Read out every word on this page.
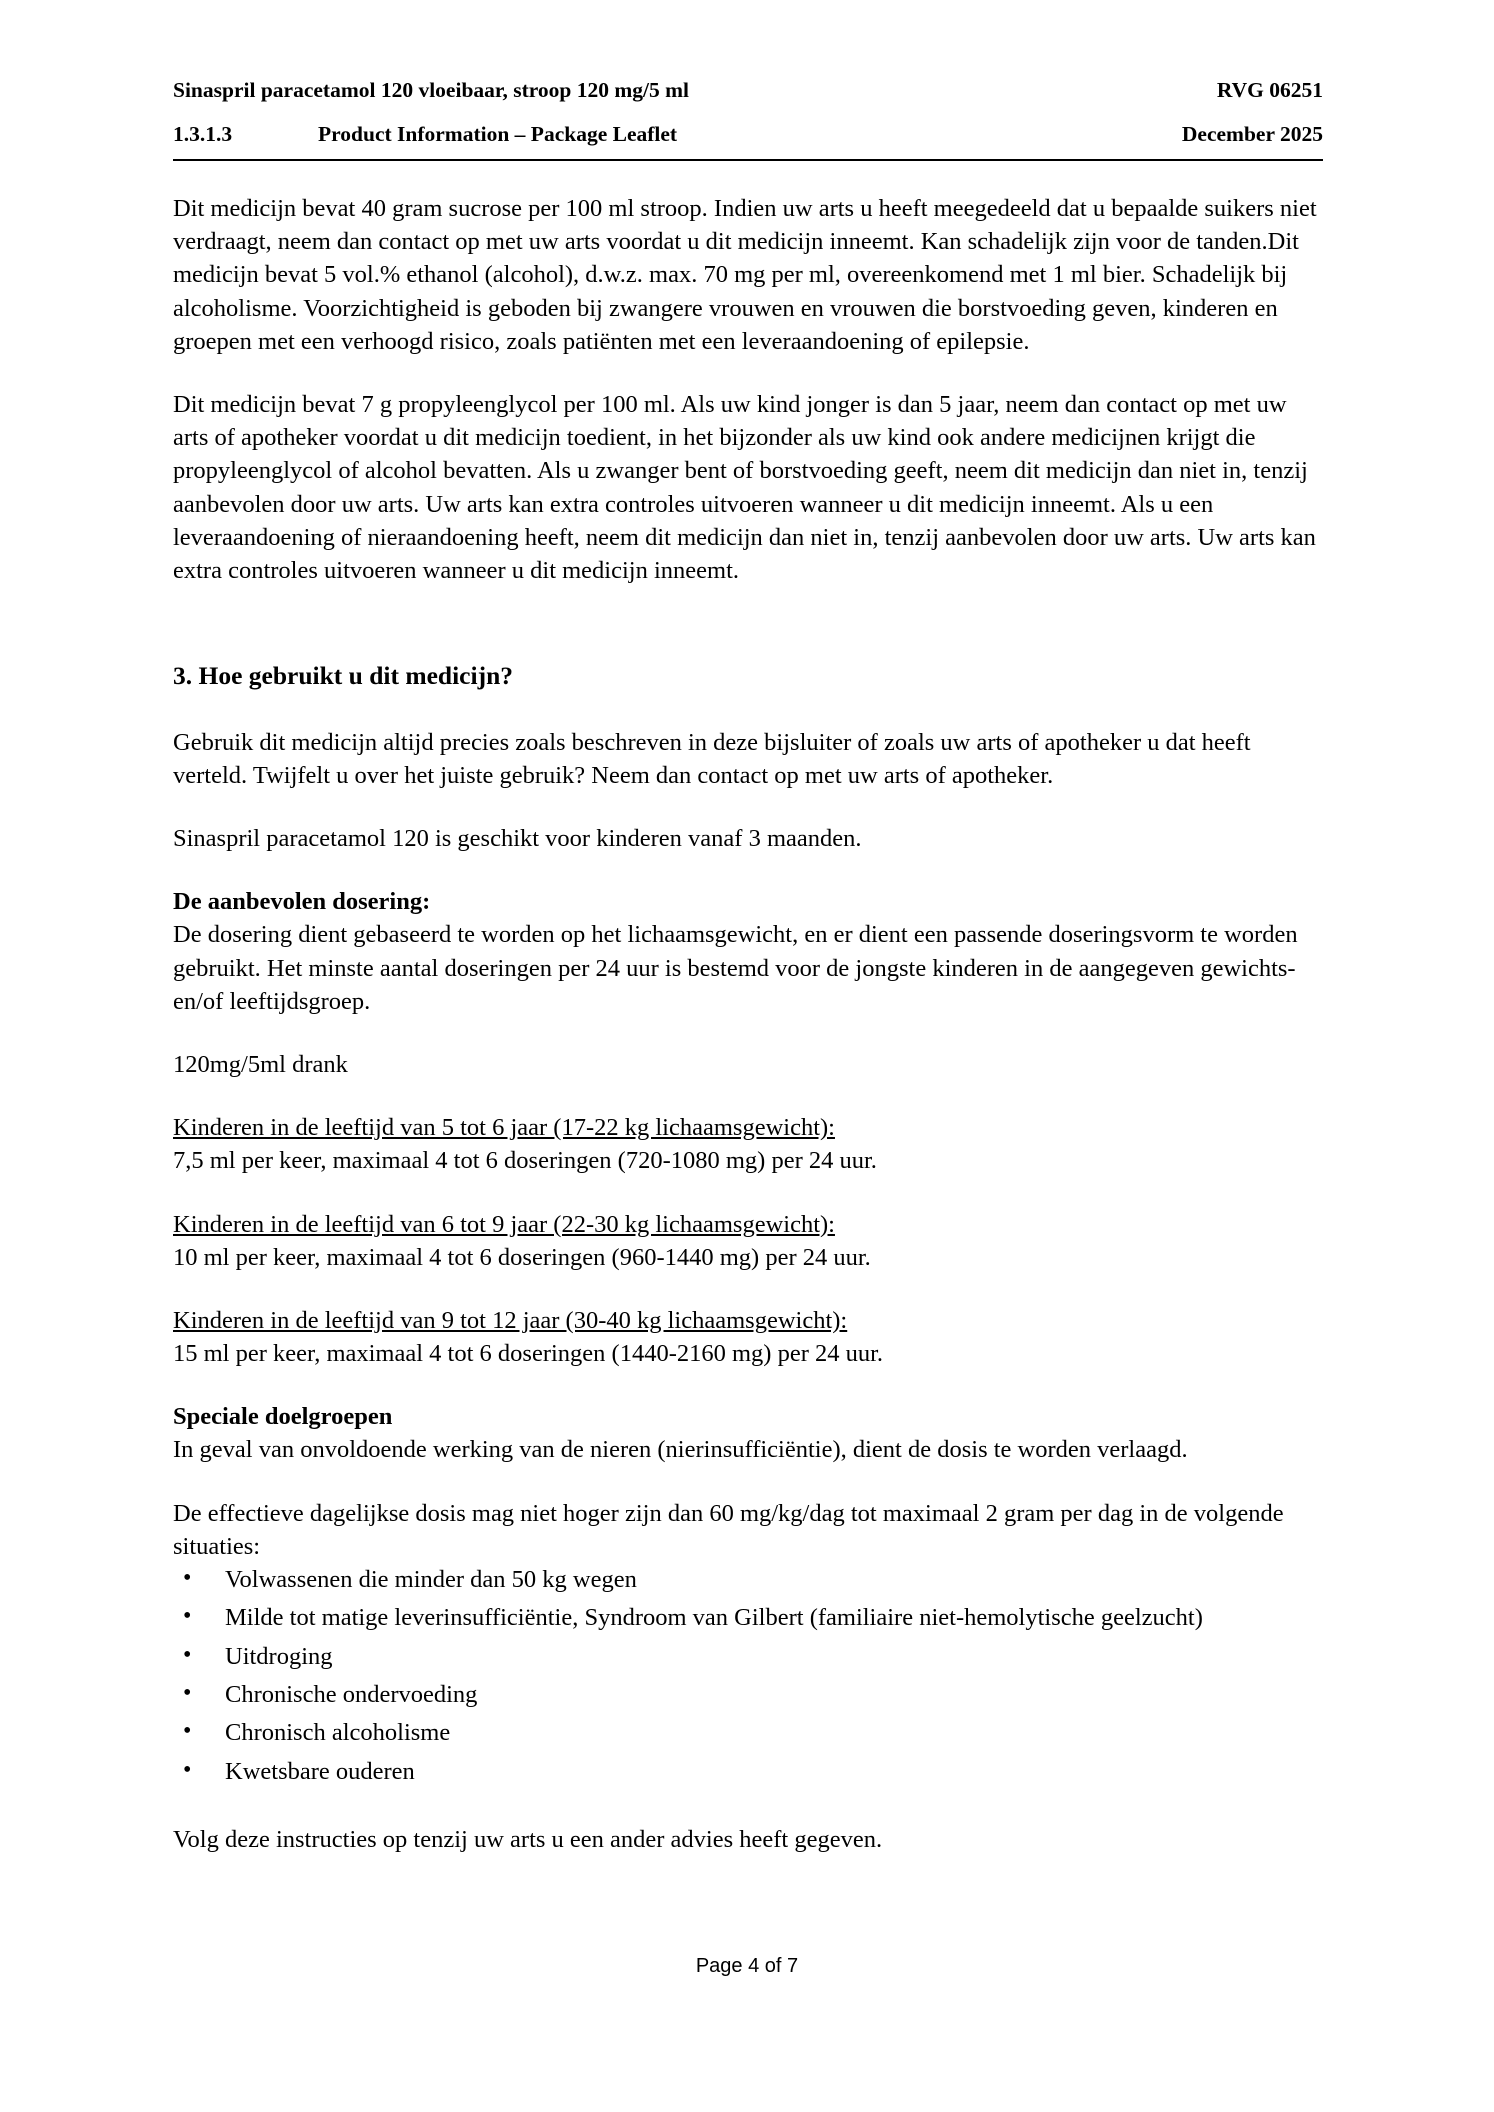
Sinaspril paracetamol 120 vloeibaar, stroop 120 mg/5 ml	RVG 06251
1.3.1.3	Product Information – Package Leaflet	December 2025

Dit medicijn bevat 40 gram sucrose per 100 ml stroop. Indien uw arts u heeft meegedeeld dat u bepaalde suikers niet verdraagt, neem dan contact op met uw arts voordat u dit medicijn inneemt. Kan schadelijk zijn voor de tanden.Dit medicijn bevat 5 vol.% ethanol (alcohol), d.w.z. max. 70 mg per ml, overeenkomend met 1 ml bier. Schadelijk bij alcoholisme. Voorzichtigheid is geboden bij zwangere vrouwen en vrouwen die borstvoeding geven, kinderen en groepen met een verhoogd risico, zoals patiënten met een leveraandoening of epilepsie.

Dit medicijn bevat 7 g propyleenglycol per 100 ml. Als uw kind jonger is dan 5 jaar, neem dan contact op met uw arts of apotheker voordat u dit medicijn toedient, in het bijzonder als uw kind ook andere medicijnen krijgt die propyleenglycol of alcohol bevatten. Als u zwanger bent of borstvoeding geeft, neem dit medicijn dan niet in, tenzij aanbevolen door uw arts. Uw arts kan extra controles uitvoeren wanneer u dit medicijn inneemt. Als u een leveraandoening of nieraandoening heeft, neem dit medicijn dan niet in, tenzij aanbevolen door uw arts. Uw arts kan extra controles uitvoeren wanneer u dit medicijn inneemt.

3. Hoe gebruikt u dit medicijn?

Gebruik dit medicijn altijd precies zoals beschreven in deze bijsluiter of zoals uw arts of apotheker u dat heeft verteld. Twijfelt u over het juiste gebruik? Neem dan contact op met uw arts of apotheker.

Sinaspril paracetamol 120 is geschikt voor kinderen vanaf 3 maanden.

De aanbevolen dosering:

De dosering dient gebaseerd te worden op het lichaamsgewicht, en er dient een passende doseringsvorm te worden gebruikt. Het minste aantal doseringen per 24 uur is bestemd voor de jongste kinderen in de aangegeven gewichts- en/of leeftijdsgroep.

120mg/5ml drank

Kinderen in de leeftijd van 5 tot 6 jaar (17-22 kg lichaamsgewicht):

7,5 ml per keer, maximaal 4 tot 6 doseringen (720-1080 mg) per 24 uur.

Kinderen in de leeftijd van 6 tot 9 jaar (22-30 kg lichaamsgewicht):

10 ml per keer, maximaal 4 tot 6 doseringen (960-1440 mg) per 24 uur.

Kinderen in de leeftijd van 9 tot 12 jaar (30-40 kg lichaamsgewicht):

15 ml per keer, maximaal 4 tot 6 doseringen (1440-2160 mg) per 24 uur.

Speciale doelgroepen

In geval van onvoldoende werking van de nieren (nierinsufficiëntie), dient de dosis te worden verlaagd.

De effectieve dagelijkse dosis mag niet hoger zijn dan 60 mg/kg/dag tot maximaal 2 gram per dag in de volgende situaties:

• Volwassenen die minder dan 50 kg wegen
• Milde tot matige leverinsufficiëntie, Syndroom van Gilbert (familiaire niet-hemolytische geelzucht)
• Uitdroging
• Chronische ondervoeding
• Chronisch alcoholisme
• Kwetsbare ouderen

Volg deze instructies op tenzij uw arts u een ander advies heeft gegeven.

Page 4 of 7
